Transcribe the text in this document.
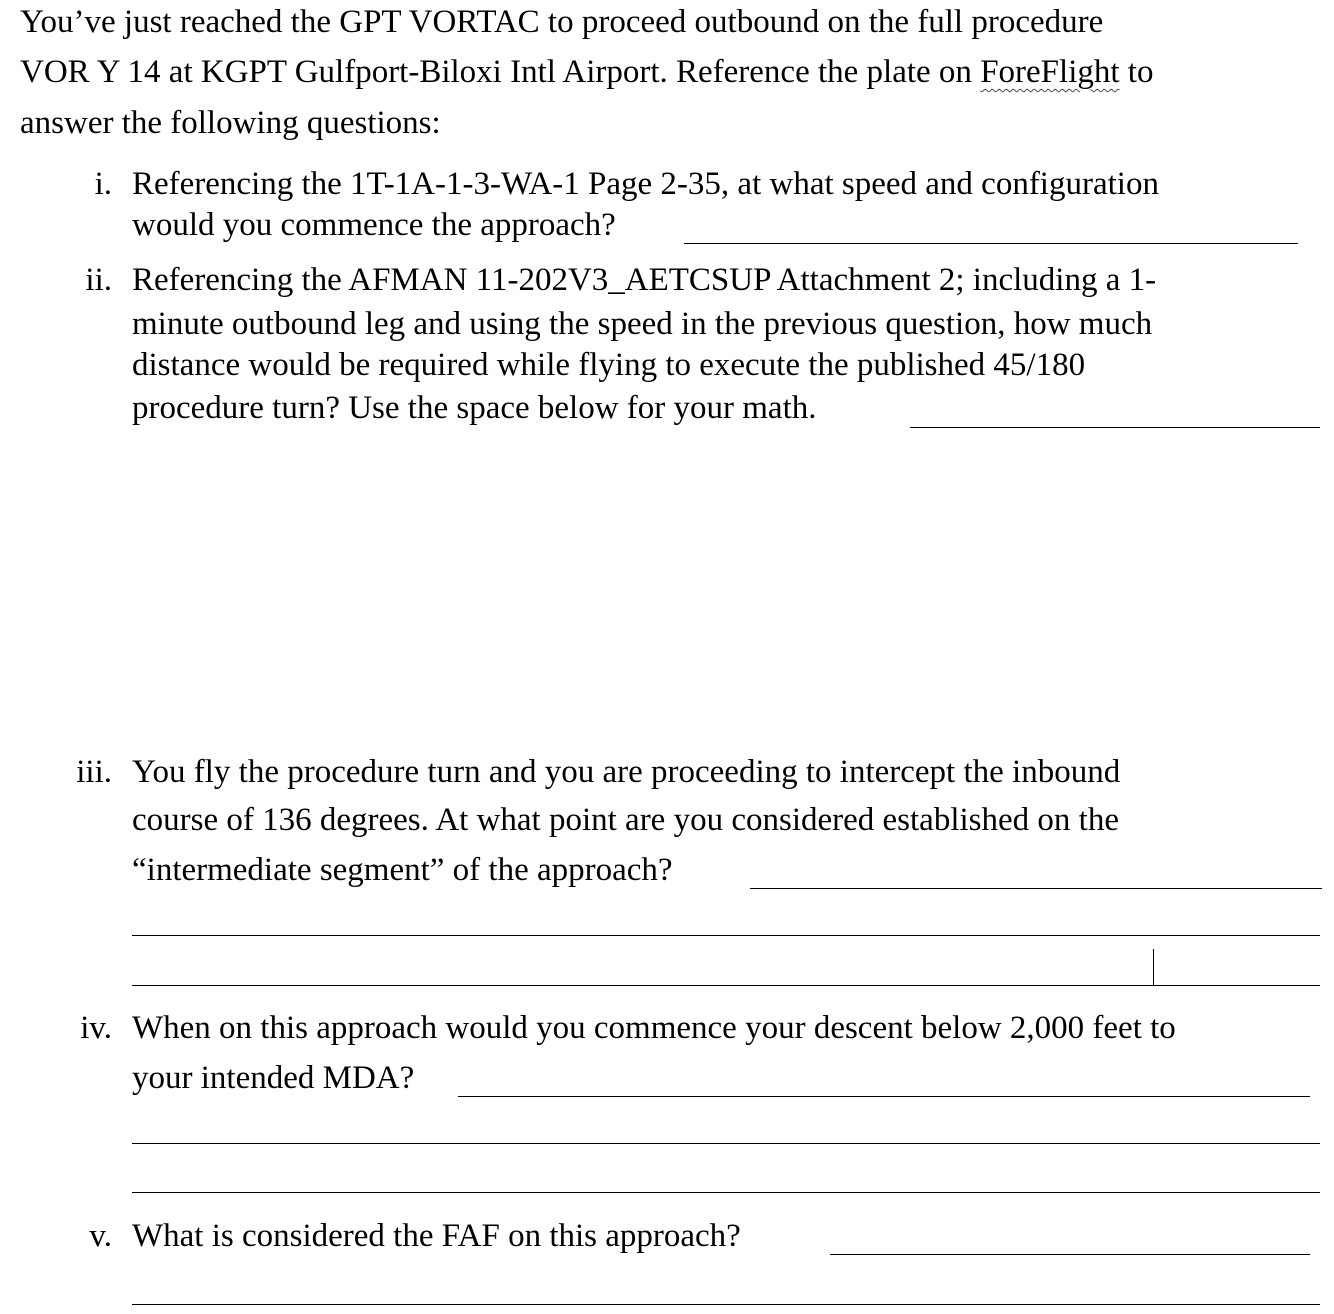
You’ve just reached the GPT VORTAC to proceed outbound on the full procedure
VOR Y 14 at KGPT Gulfport-Biloxi Intl Airport. Reference the plate on ForeFlight to
answer the following questions:
i. Referencing the 1T-1A-1-3-WA-1 Page 2-35, at what speed and configuration
would you commence the approach?
ii. Referencing the AFMAN 11-202V3_AETCSUP Attachment 2; including a 1-
minute outbound leg and using the speed in the previous question, how much
distance would be required while flying to execute the published 45/180
procedure turn? Use the space below for your math.
iii. You fly the procedure turn and you are proceeding to intercept the inbound
course of 136 degrees. At what point are you considered established on the
“intermediate segment” of the approach?
iv. When on this approach would you commence your descent below 2,000 feet to
your intended MDA?
v. What is considered the FAF on this approach?
